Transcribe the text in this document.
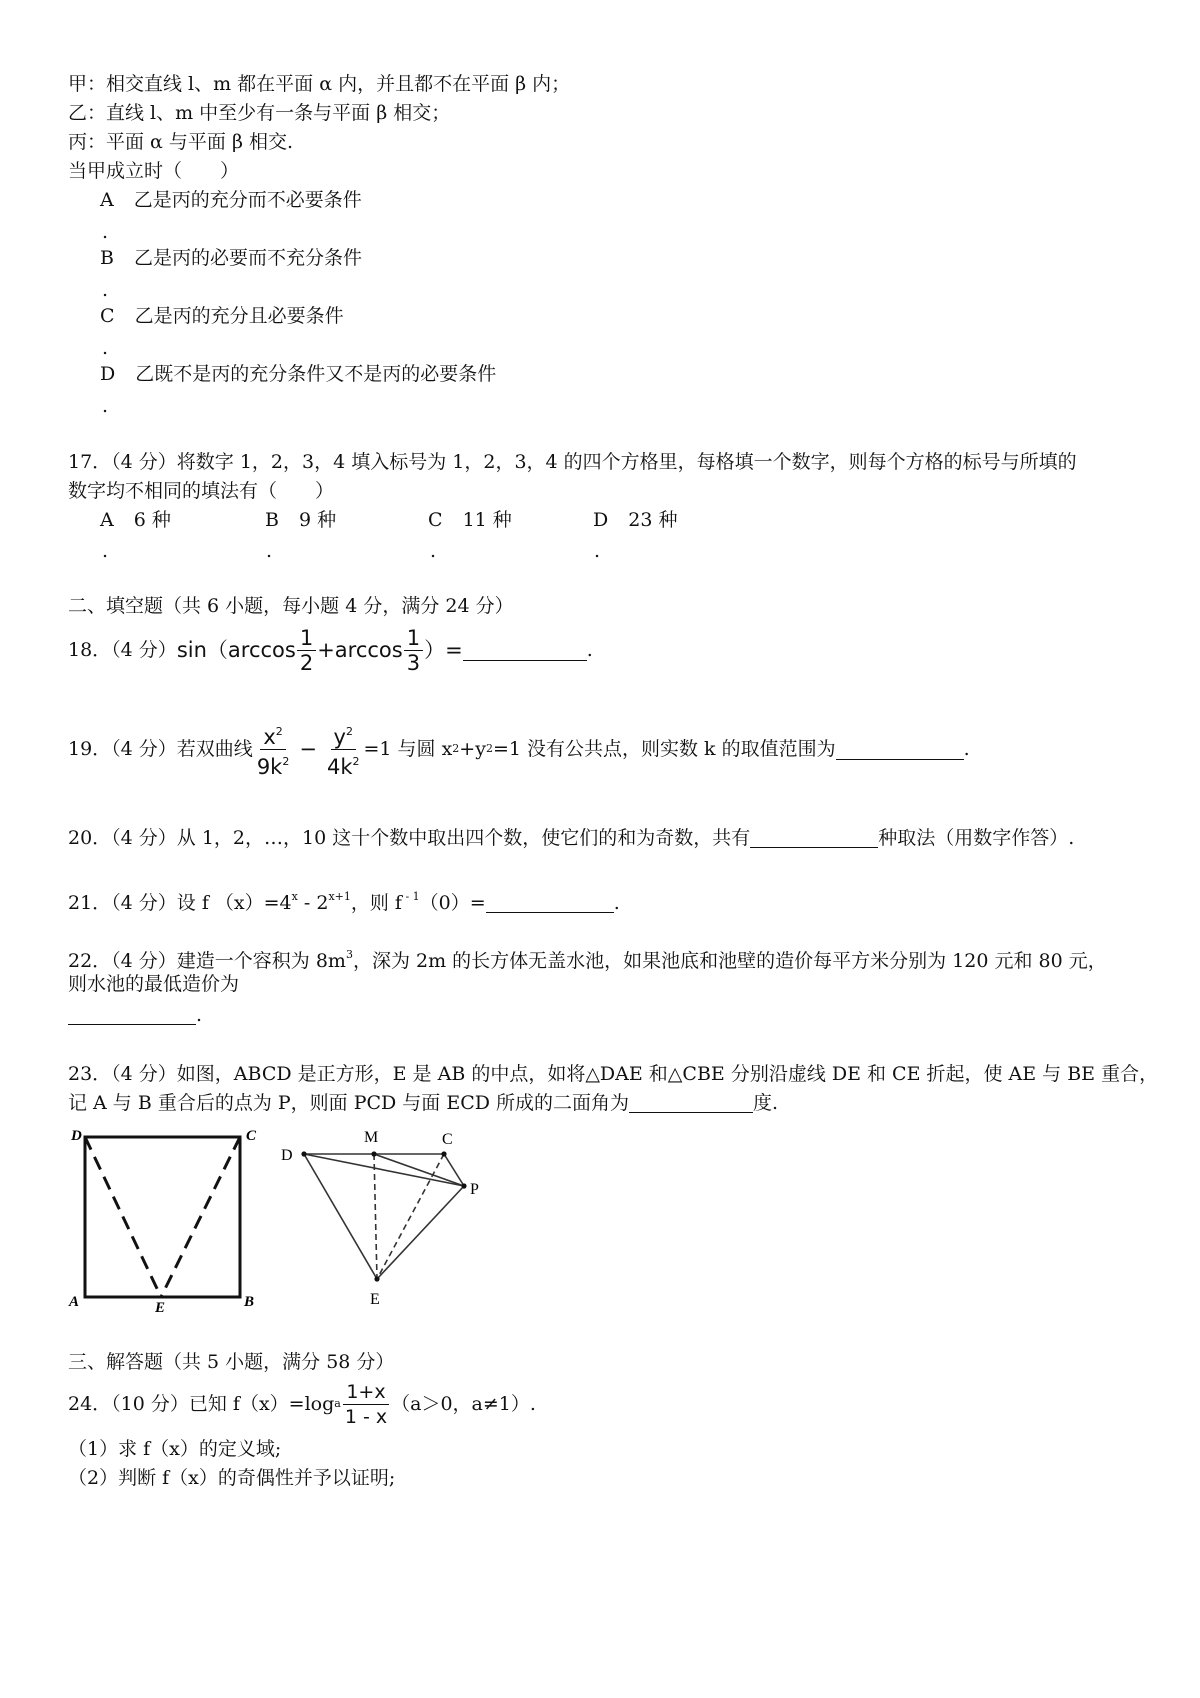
甲：相交直线 l、m 都在平面 α 内，并且都不在平面 β 内；
乙：直线 l、m 中至少有一条与平面 β 相交；
丙：平面 α 与平面 β 相交.
当甲成立时（　　）
A 乙是丙的充分而不必要条件
.
B 乙是丙的必要而不充分条件
.
C 乙是丙的充分且必要条件
.
D 乙既不是丙的充分条件又不是丙的必要条件
.
17．（4 分）将数字 1，2，3，4 填入标号为 1，2，3，4 的四个方格里，每格填一个数字，则每个方格的标号与所填的
数字均不相同的填法有（　　）
A 6 种	B 9 种	C 11 种	D 23 种
.	.	.	.
二、填空题（共 6 小题，每小题 4 分，满分 24 分）
18．（4 分） $\sin(\arccos \frac{1}{2} +\arccos \frac{1}{3}$ ）=	.
19．（4 分）若双曲线 $\frac{x^2}{9k^2} - \frac{y^2}{4k^2} =1$ 与圆 x 2 +y 2 =1 没有公共点，则实数 k 的取值范围为	.
20．（4 分）从 1，2，…，10 这十个数中取出四个数，使它们的和为奇数，共有	种取法（用数字作答）.
21．（4 分）设 f $(x)=4^x - 2^{x+1}$，则 f $^{- 1}$（0）=	.
22．（4 分）建造一个容积为 $8m^3$，深为 2m 的长方体无盖水池，如果池底和池壁的造价每平方米分别为 120 元和 80 元，
则水池的最低造价为
.
23．（4 分）如图，ABCD 是正方形，E 是 AB 的中点，如将△DAE 和△CBE 分别沿虚线 DE 和 CE 折起，使 AE 与 BE 重合，
记 A 与 B 重合后的点为 P，则面 PCD 与面 ECD 所成的二面角为	度.
D	C
A	E	B
D
M	C
P
E
三、解答题（共 5 小题，满分 58 分）
24．（10 分）已知 f（x）=log a $\frac{1+x}{1 - x} (a>0$，a≠1）.
（1）求 f（x）的定义域;
（2）判断 f（x）的奇偶性并予以证明;
